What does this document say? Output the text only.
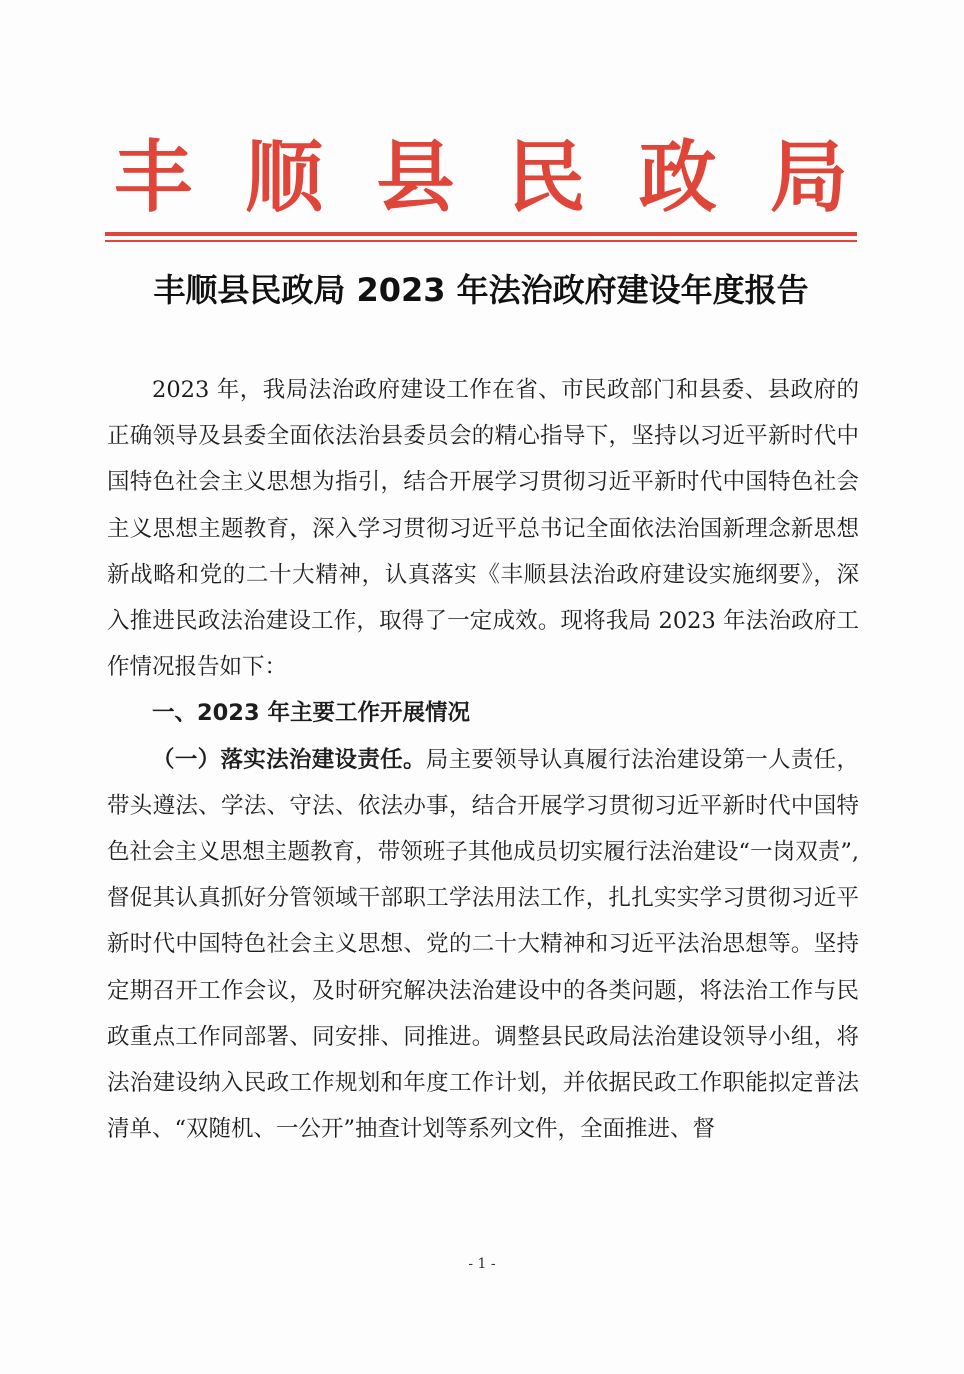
丰 顺 县 民 政 局
丰顺县民政局 2023 年法治政府建设年度报告

2023 年，我局法治政府建设工作在省、市民政部门和县委、县政府的正确领导及县委全面依法治县委员会的精心指导下，坚持以习近平新时代中国特色社会主义思想为指引，结合开展学习贯彻习近平新时代中国特色社会主义思想主题教育，深入学习贯彻习近平总书记全面依法治国新理念新思想新战略和党的二十大精神，认真落实《丰顺县法治政府建设实施纲要》，深入推进民政法治建设工作，取得了一定成效。现将我局 2023 年法治政府工作情况报告如下：

一、2023 年主要工作开展情况

（一）落实法治建设责任。局主要领导认真履行法治建设第一人责任，带头遵法、学法、守法、依法办事，结合开展学习贯彻习近平新时代中国特色社会主义思想主题教育，带领班子其他成员切实履行法治建设“一岗双责”,督促其认真抓好分管领域干部职工学法用法工作，扎扎实实学习贯彻习近平新时代中国特色社会主义思想、党的二十大精神和习近平法治思想等。坚持定期召开工作会议，及时研究解决法治建设中的各类问题，将法治工作与民政重点工作同部署、同安排、同推进。调整县民政局法治建设领导小组，将法治建设纳入民政工作规划和年度工作计划，并依据民政工作职能拟定普法清单、“双随机、一公开”抽查计划等系列文件，全面推进、督

- 1 -
